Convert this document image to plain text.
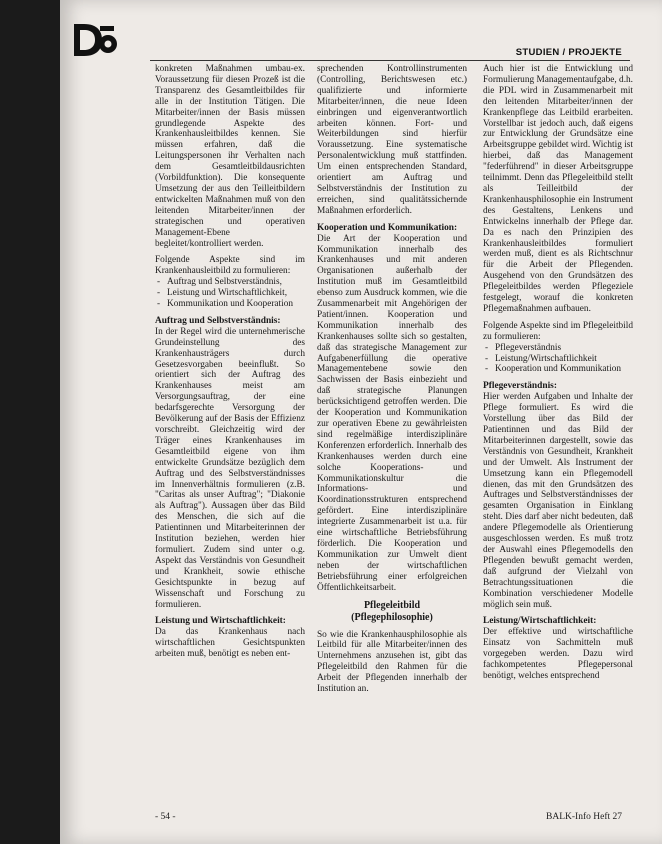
STUDIEN / PROJEKTE

konkreten Maßnahmen umbau-ex. Voraussetzung für diesen Prozeß ist die Transparenz des Gesamtleitbildes für alle in der Institution Tätigen. Die Mitarbeiter/innen der Basis müssen grundlegende Aspekte des Krankenhausleitbildes kennen. Sie müssen erfahren, daß die Leitungspersonen ihr Verhalten nach dem Gesamtleitbildausrichten (Vorbildfunktion). Die konsequente Umsetzung der aus den Teilleitbildern entwickelten Maßnahmen muß von den leitenden Mitarbeiter/innen der strategischen und operativen Management-Ebene begleitet/kontrolliert werden.

Folgende Aspekte sind im Krankenhausleitbild zu formulieren:

- Auftrag und Selbstverständnis,
- Leistung und Wirtschaftlichkeit,
- Kommunikation und Kooperation
Auftrag und Selbstverständnis:

In der Regel wird die unternehmerische Grundeinstellung des Krankenhausträgers durch Gesetzesvorgaben beeinflußt. So orientiert sich der Auftrag des Krankenhauses meist am Versorgungsauftrag, der eine bedarfsgerechte Versorgung der Bevölkerung auf der Basis der Effizienz vorschreibt. Gleichzeitig wird der Träger eines Krankenhauses im Gesamtleitbild eigene von ihm entwickelte Grundsätze bezüglich dem Auftrag und des Selbstverständnisses im Innenverhältnis formulieren (z.B. "Caritas als unser Auftrag"; "Diakonie als Auftrag"). Aussagen über das Bild des Menschen, die sich auf die Patientinnen und Mitarbeiterinnen der Institution beziehen, werden hier formuliert. Zudem sind unter o.g. Aspekt das Verständnis von Gesundheit und Krankheit, sowie ethische Gesichtspunkte in bezug auf Wissenschaft und Forschung zu formulieren.

Leistung und Wirtschaftlichkeit:

Da das Krankenhaus nach wirtschaftlichen Gesichtspunkten arbeiten muß, benötigt es neben ent-

sprechenden Kontrollinstrumenten (Controlling, Berichtswesen etc.) qualifizierte und informierte Mitarbeiter/innen, die neue Ideen einbringen und eigenverantwortlich arbeiten können. Fort- und Weiterbildungen sind hierfür Voraussetzung. Eine systematische Personalentwicklung muß stattfinden. Um einen entsprechenden Standard, orientiert am Auftrag und Selbstverständnis der Institution zu erreichen, sind qualitätssichernde Maßnahmen erforderlich.

Kooperation und Kommunikation:

Die Art der Kooperation und Kommunikation innerhalb des Krankenhauses und mit anderen Organisationen außerhalb der Institution muß im Gesamtleitbild ebenso zum Ausdruck kommen, wie die Zusammenarbeit mit Angehörigen der Patient/innen. Kooperation und Kommunikation innerhalb des Krankenhauses sollte sich so gestalten, daß das strategische Management zur Aufgabenerfüllung die operative Managementebene sowie den Sachwissen der Basis einbezieht und daß strategische Planungen berücksichtigend getroffen werden. Die der Kooperation und Kommunikation zur operativen Ebene zu gewährleisten sind regelmäßige interdisziplinäre Konferenzen erforderlich. Innerhalb des Krankenhauses werden durch eine solche Kooperations- und Kommunikationskultur die Informations- und Koordinationsstrukturen entsprechend gefördert. Eine interdisziplinäre integrierte Zusammenarbeit ist u.a. für eine wirtschaftliche Betriebsführung förderlich. Die Kooperation und Kommunikation zur Umwelt dient neben der wirtschaftlichen Betriebsführung einer erfolgreichen Öffentlichkeitsarbeit.

Pflegeleitbild
(Pflegephilosophie)

So wie die Krankenhausphilosophie als Leitbild für alle Mitarbeiter/innen des Unternehmens anzusehen ist, gibt das Pflegeleitbild den Rahmen für die Arbeit der Pflegenden innerhalb der Institution an.

Auch hier ist die Entwicklung und Formulierung Managementaufgabe, d.h. die PDL wird in Zusammenarbeit mit den leitenden Mitarbeiter/innen der Krankenpflege das Leitbild erarbeiten. Vorstellbar ist jedoch auch, daß eigens zur Entwicklung der Grundsätze eine Arbeitsgruppe gebildet wird. Wichtig ist hierbei, daß das Management "federführend" in dieser Arbeitsgruppe teilnimmt. Denn das Pflegeleitbild stellt als Teilleitbild der Krankenhausphilosophie ein Instrument des Gestaltens, Lenkens und Entwickelns innerhalb der Pflege dar. Da es nach den Prinzipien des Krankenhausleitbildes formuliert werden muß, dient es als Richtschnur für die Arbeit der Pflegenden. Ausgehend von den Grundsätzen des Pflegeleitbildes werden Pflegeziele festgelegt, worauf die konkreten Pflegemaßnahmen aufbauen.

Folgende Aspekte sind im Pflegeleitbild zu formulieren:

- Pflegeverständnis
- Leistung/Wirtschaftlichkeit
- Kooperation und Kommunikation
Pflegeverständnis:

Hier werden Aufgaben und Inhalte der Pflege formuliert. Es wird die Vorstellung über das Bild der Patientinnen und das Bild der Mitarbeiterinnen dargestellt, sowie das Verständnis von Gesundheit, Krankheit und der Umwelt. Als Instrument der Umsetzung kann ein Pflegemodell dienen, das mit den Grundsätzen des Auftrages und Selbstverständnisses der gesamten Organisation in Einklang steht. Dies darf aber nicht bedeuten, daß andere Pflegemodelle als Orientierung ausgeschlossen werden. Es muß trotz der Auswahl eines Pflegemodells den Pflegenden bewußt gemacht werden, daß aufgrund der Vielzahl von Betrachtungssituationen die Kombination verschiedener Modelle möglich sein muß.

Leistung/Wirtschaftlichkeit:

Der effektive und wirtschaftliche Einsatz von Sachmitteln muß vorgegeben werden. Dazu wird fachkompetentes Pflegepersonal benötigt, welches entsprechend

- 54 -	BALK-Info Heft 27
